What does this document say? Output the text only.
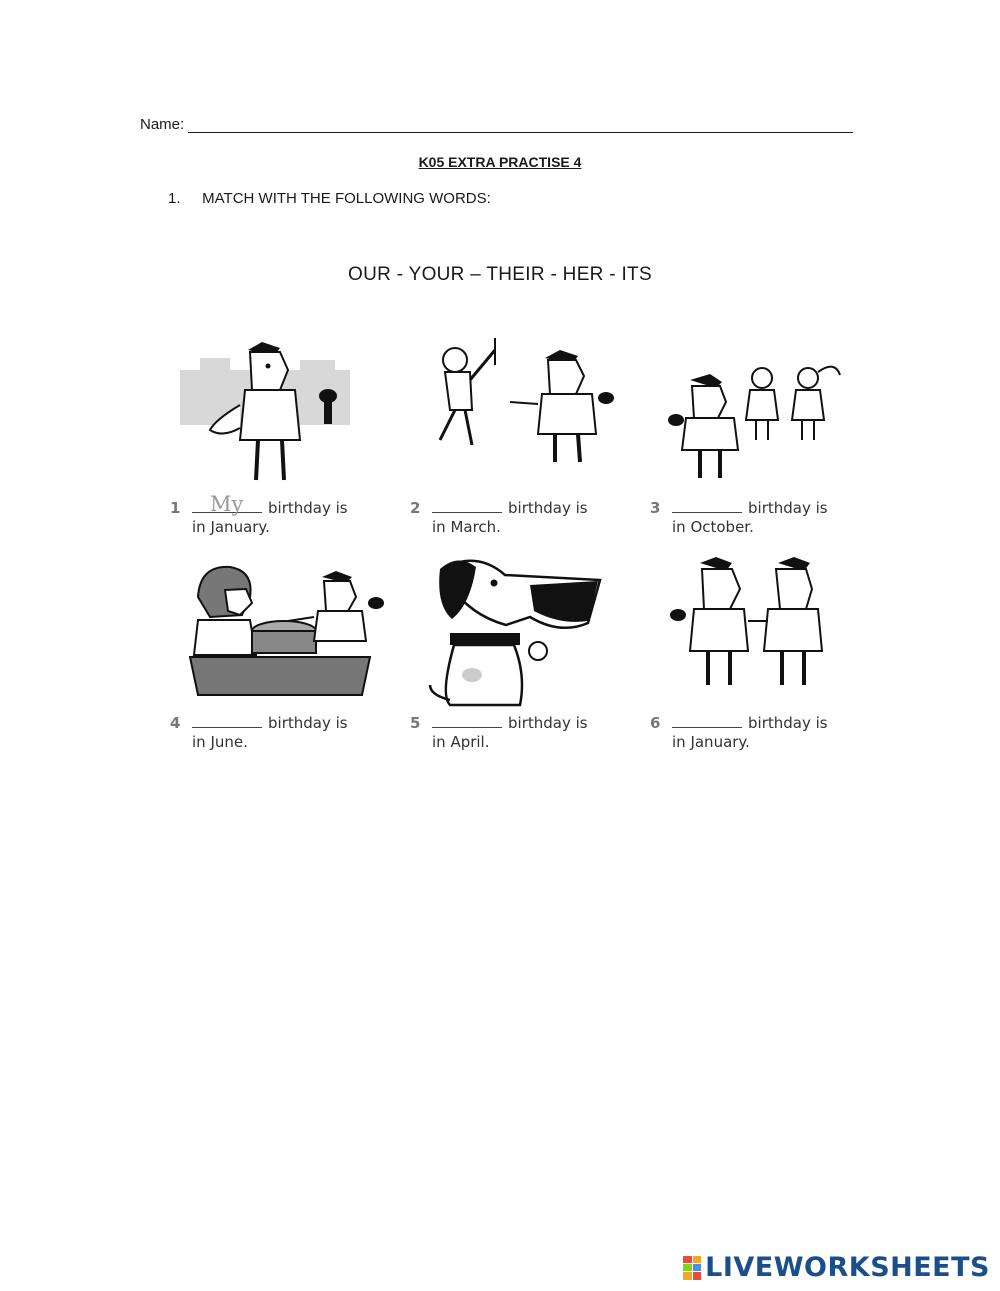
Name:
K05 EXTRA PRACTISE 4
1. MATCH WITH THE FOLLOWING WORDS:
OUR - YOUR – THEIR - HER - ITS
1 My birthday is
in January.
2	birthday is
in March.
3	birthday is
in October.
4	birthday is
in June.
5	birthday is
in April.
6	birthday is
in January.
LIVEWORKSHEETS
